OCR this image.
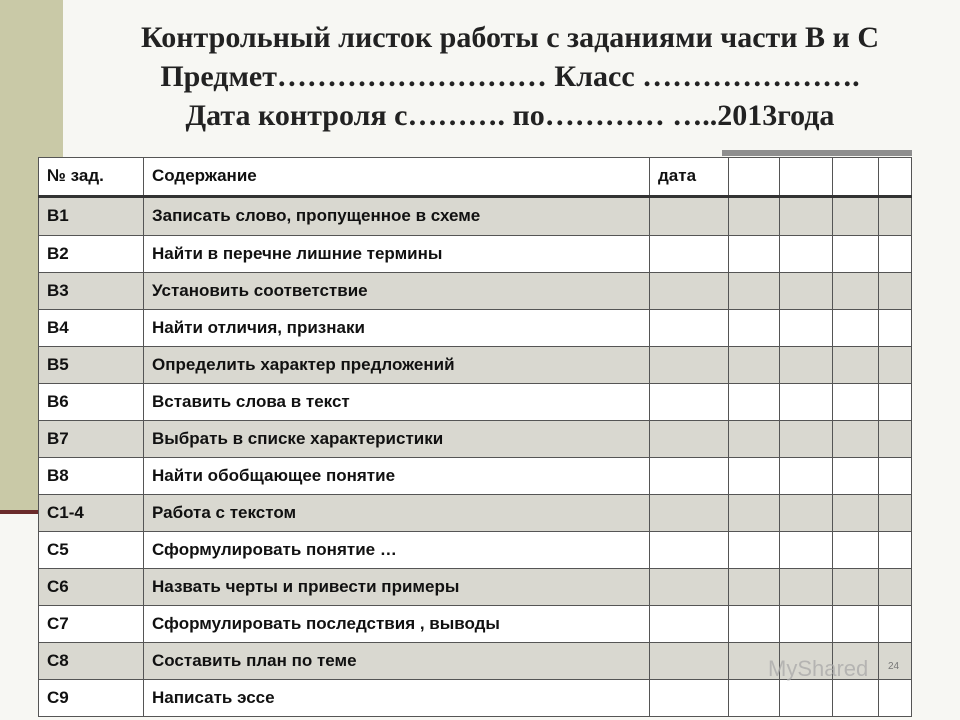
Контрольный листок работы с заданиями части В и С
Предмет……………………… Класс ………………….
Дата контроля с………. по………… …..2013года
№ зад.	Содержание	дата				
В1	Записать слово, пропущенное в схеме					
В2	Найти в перечне лишние термины					
В3	Установить соответствие					
В4	Найти отличия, признаки					
В5	Определить характер предложений					
В6	Вставить слова в текст					
В7	Выбрать в списке характеристики					
В8	Найти обобщающее понятие					
С1-4	Работа с текстом					
С5	Сформулировать понятие …					
С6	Назвать черты и привести примеры					
С7	Сформулировать последствия , выводы					
С8	Составить план по теме					
С9	Написать эссе					
MyShared 24
